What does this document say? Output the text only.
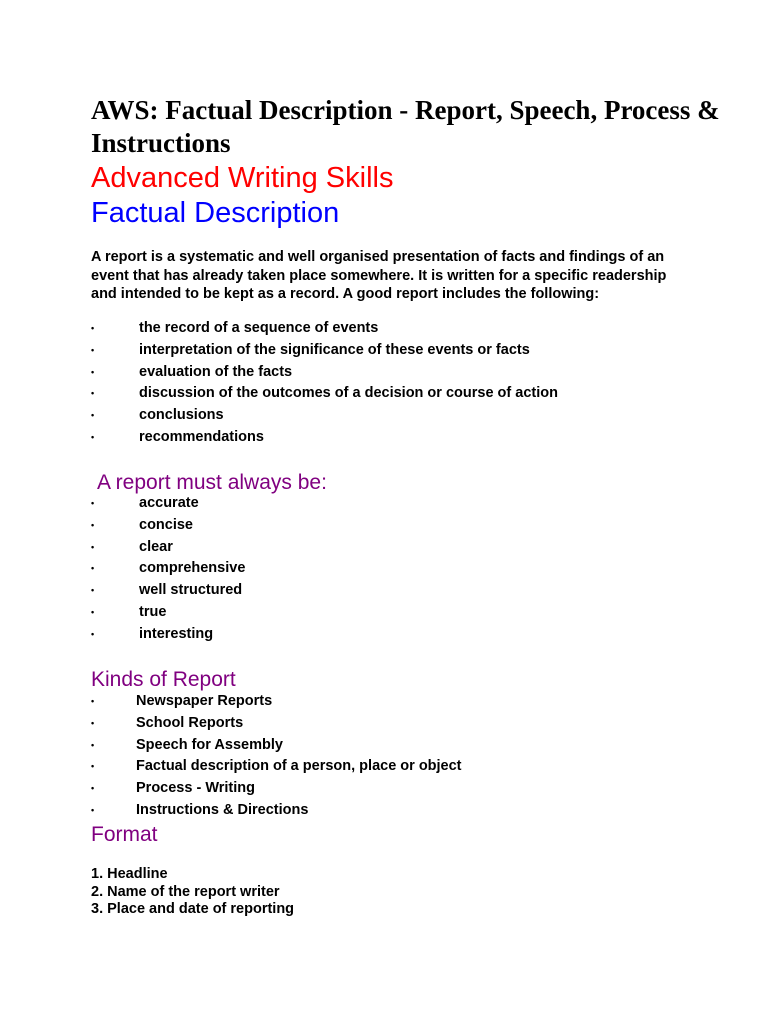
AWS: Factual Description - Report, Speech, Process & Instructions
Advanced Writing Skills
Factual Description

A report is a systematic and well organised presentation of facts and findings of an event that has already taken place somewhere. It is written for a specific readership and intended to be kept as a record. A good report includes the following:

•	the record of a sequence of events
•	interpretation of the significance of these events or facts
•	evaluation of the facts
•	discussion of the outcomes of a decision or course of action
•	conclusions
•	recommendations
A report must always be:
•	accurate
•	concise
•	clear
•	comprehensive
•	well structured
•	true
•	interesting
Kinds of Report
•	Newspaper Reports
•	School Reports
•	Speech for Assembly
•	Factual description of a person, place or object
•	Process - Writing
•	Instructions & Directions
Format
1. Headline
2. Name of the report writer
3. Place and date of reporting
